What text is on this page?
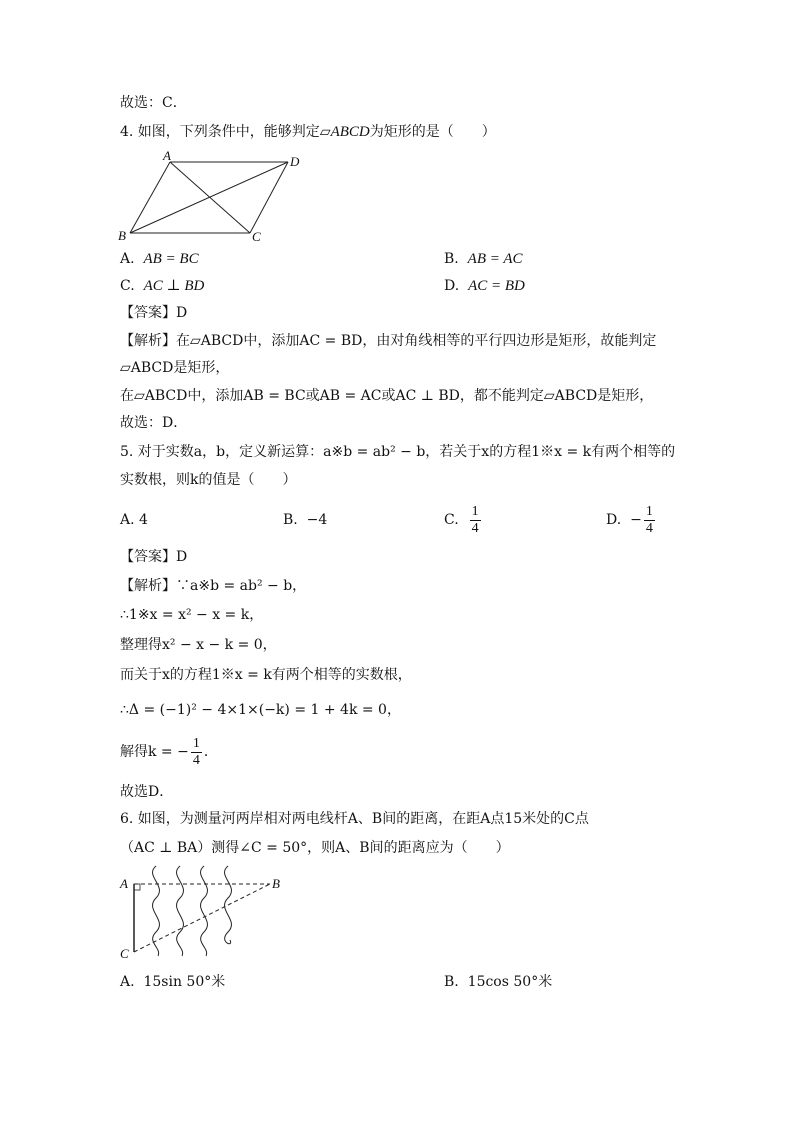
故选：C．
4. 如图，下列条件中，能够判定▱ABCD为矩形的是（　　）
A	D
B	C
A. AB = BC	B. AB = AC
C. AC ⊥ BD	D. AC = BD
【答案】D
【解析】在▱ABCD中，添加AC = BD，由对角线相等的平行四边形是矩形，故能判定
▱ABCD是矩形，
在▱ABCD中，添加AB = BC或AB = AC或AC ⊥ BD，都不能判定▱ABCD是矩形，
故选：D．
5. 对于实数a，b，定义新运算：a※b = ab² − b，若关于x的方程1※x = k有两个相等的
实数根，则k的值是（　　）
A. 4	B. −4	C. $\frac{1}{4}$	D. − $\frac{1}{4}$
【答案】D
【解析】∵a※b = ab² − b，
∴1※x = x² − x = k，
整理得x² − x − k = 0，
而关于x的方程1※x = k有两个相等的实数根，
∴Δ = (−1)² − 4×1×(−k) = 1 + 4k = 0，
解得k = − $\frac{1}{4}$ ．
故选D．
6. 如图，为测量河两岸相对两电线杆A、B间的距离，在距A点15米处的C点
（AC ⊥ BA）测得∠C = 50°，则A、B间的距离应为（　　）
A	B
C
A. 15sin 50°米	B. 15cos 50°米
